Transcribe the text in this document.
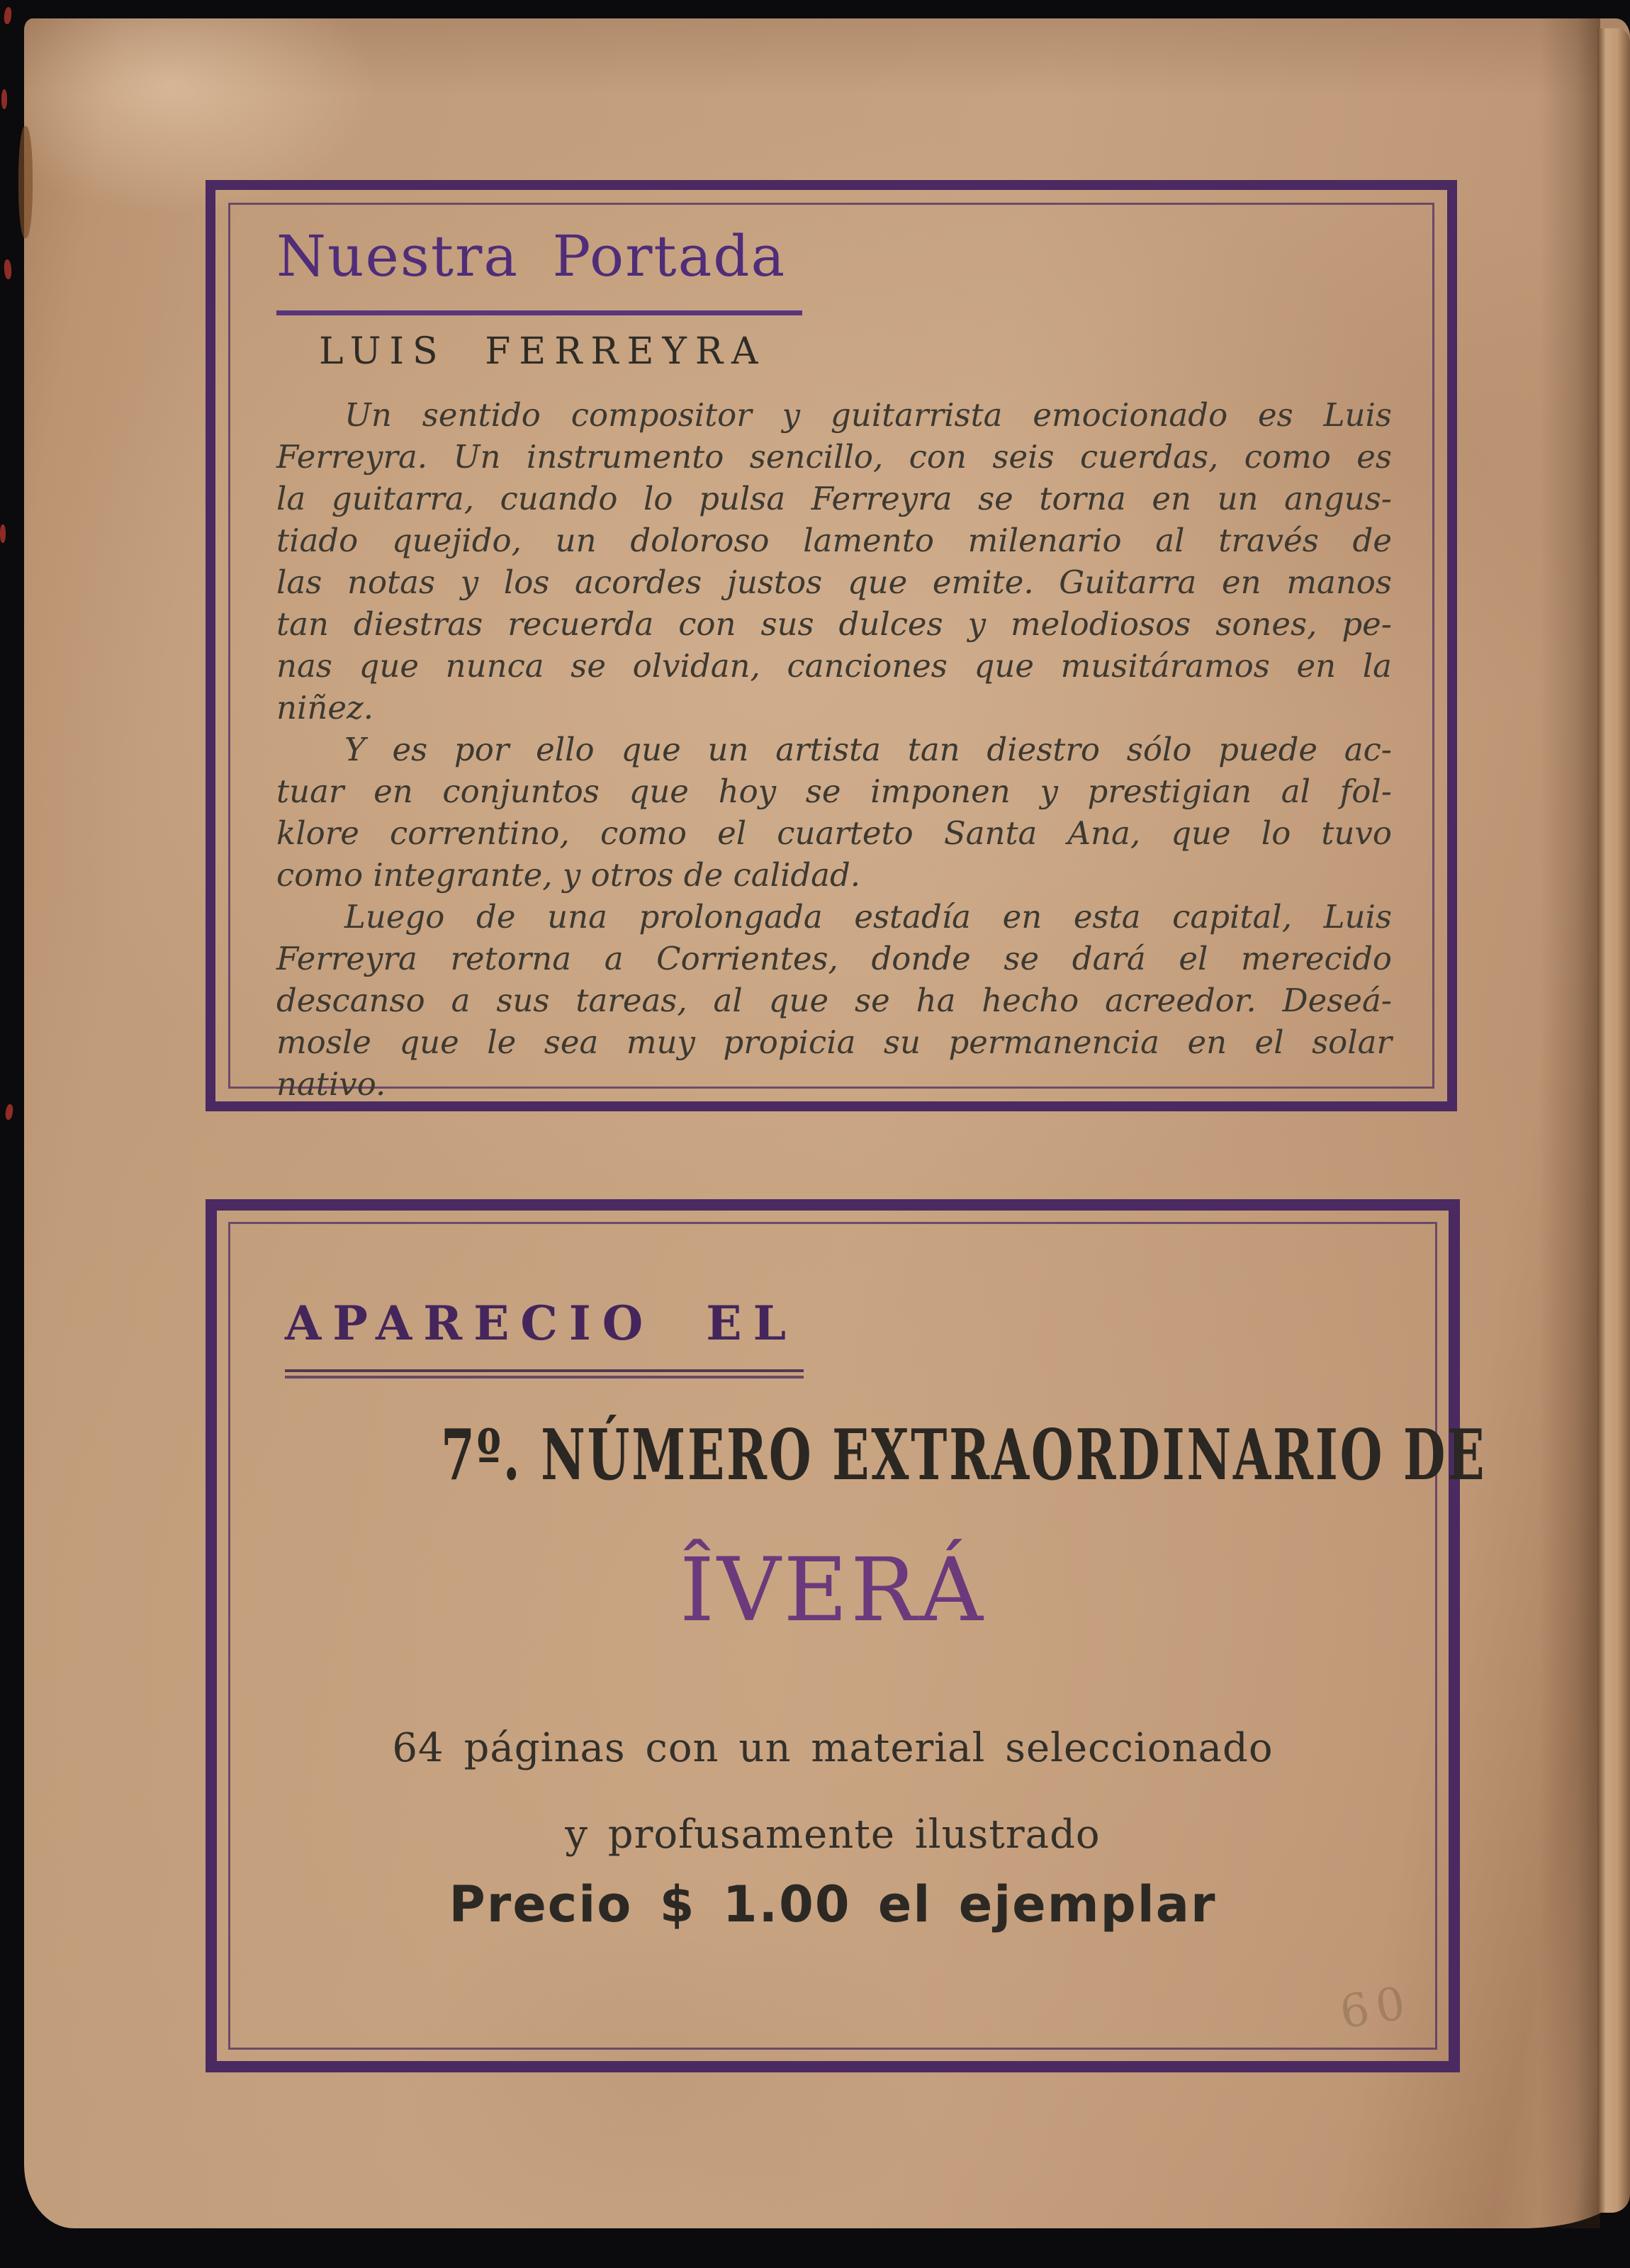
Nuestra Portada
LUIS FERREYRA
Un sentido compositor y guitarrista emocionado es Luis
Ferreyra. Un instrumento sencillo, con seis cuerdas, como es
la guitarra, cuando lo pulsa Ferreyra se torna en un angus-
tiado quejido, un doloroso lamento milenario al través de
las notas y los acordes justos que emite. Guitarra en manos
tan diestras recuerda con sus dulces y melodiosos sones, pe-
nas que nunca se olvidan, canciones que musitáramos en la
niñez.
Y es por ello que un artista tan diestro sólo puede ac-
tuar en conjuntos que hoy se imponen y prestigian al fol-
klore correntino, como el cuarteto Santa Ana, que lo tuvo
como integrante, y otros de calidad.
Luego de una prolongada estadía en esta capital, Luis
Ferreyra retorna a Corrientes, donde se dará el merecido
descanso a sus tareas, al que se ha hecho acreedor. Deseá-
mosle que le sea muy propicia su permanencia en el solar
nativo.
APARECIO EL
7º. NÚMERO EXTRAORDINARIO DE
ÎVERÁ
64 páginas con un material seleccionado
y profusamente ilustrado
Precio $ 1.00 el ejemplar
60
